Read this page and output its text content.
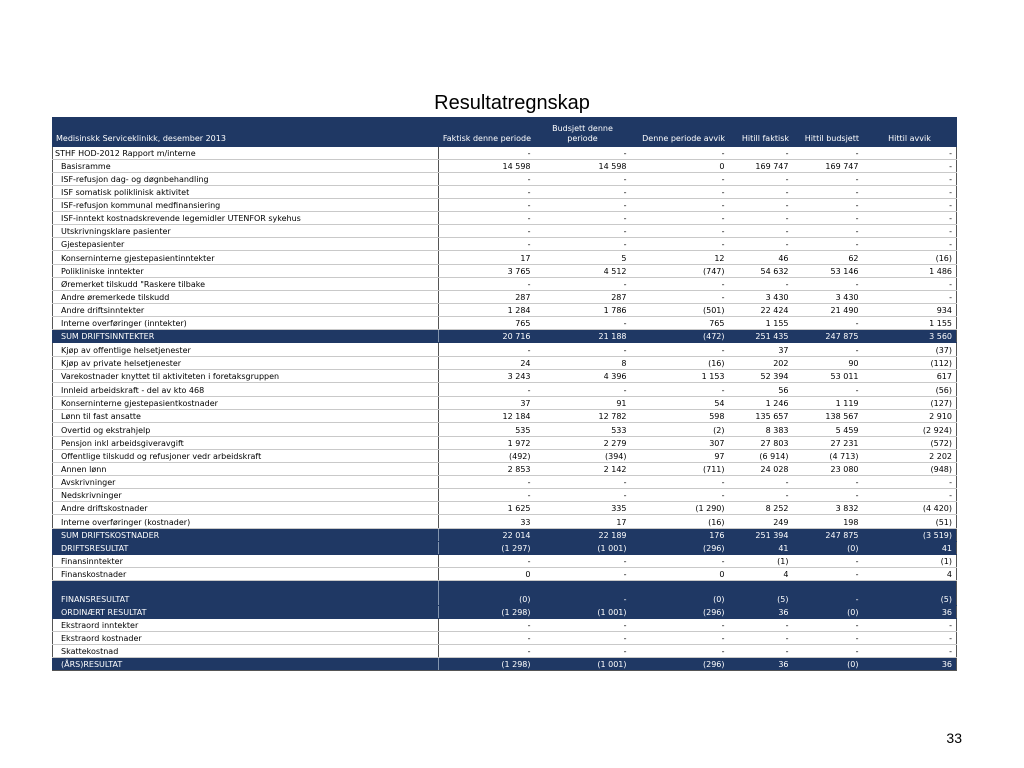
Resultatregnskap
Medisinskk Serviceklinikk, desember 2013	Faktisk denne periode	Budsjett denne periode	Denne periode avvik	Hitill faktisk	Hittil budsjett	Hittil avvik
STHF HOD-2012 Rapport m/interne	-	-	-	-	-	-
Basisramme	14 598	14 598	0	169 747	169 747	-
ISF-refusjon dag- og døgnbehandling	-	-	-	-	-	-
ISF somatisk poliklinisk aktivitet	-	-	-	-	-	-
ISF-refusjon kommunal medfinansiering	-	-	-	-	-	-
ISF-inntekt kostnadskrevende legemidler UTENFOR sykehus	-	-	-	-	-	-
Utskrivningsklare pasienter	-	-	-	-	-	-
Gjestepasienter	-	-	-	-	-	-
Konserninterne gjestepasientinntekter	17	5	12	46	62	(16)
Polikliniske inntekter	3 765	4 512	(747)	54 632	53 146	1 486
Øremerket tilskudd "Raskere tilbake	-	-	-	-	-	-
Andre øremerkede tilskudd	287	287	-	3 430	3 430	-
Andre driftsinntekter	1 284	1 786	(501)	22 424	21 490	934
Interne overføringer (inntekter)	765	-	765	1 155	-	1 155
SUM DRIFTSINNTEKTER	20 716	21 188	(472)	251 435	247 875	3 560
Kjøp av offentlige helsetjenester	-	-	-	37	-	(37)
Kjøp av private helsetjenester	24	8	(16)	202	90	(112)
Varekostnader knyttet til aktiviteten i foretaksgruppen	3 243	4 396	1 153	52 394	53 011	617
Innleid arbeidskraft - del av kto 468	-	-	-	56	-	(56)
Konserninterne gjestepasientkostnader	37	91	54	1 246	1 119	(127)
Lønn til fast ansatte	12 184	12 782	598	135 657	138 567	2 910
Overtid og ekstrahjelp	535	533	(2)	8 383	5 459	(2 924)
Pensjon inkl arbeidsgiveravgift	1 972	2 279	307	27 803	27 231	(572)
Offentlige tilskudd og refusjoner vedr arbeidskraft	(492)	(394)	97	(6 914)	(4 713)	2 202
Annen lønn	2 853	2 142	(711)	24 028	23 080	(948)
Avskrivninger	-	-	-	-	-	-
Nedskrivninger	-	-	-	-	-	-
Andre driftskostnader	1 625	335	(1 290)	8 252	3 832	(4 420)
Interne overføringer (kostnader)	33	17	(16)	249	198	(51)
SUM DRIFTSKOSTNADER	22 014	22 189	176	251 394	247 875	(3 519)
DRIFTSRESULTAT	(1 297)	(1 001)	(296)	41	(0)	41
Finansinntekter	-	-	-	(1)	-	(1)
Finanskostnader	0	-	0	4	-	4
FINANSRESULTAT	(0)	-	(0)	(5)	-	(5)
ORDINÆRT RESULTAT	(1 298)	(1 001)	(296)	36	(0)	36
Ekstraord inntekter	-	-	-	-	-	-
Ekstraord kostnader	-	-	-	-	-	-
Skattekostnad	-	-	-	-	-	-
(ÅRS)RESULTAT	(1 298)	(1 001)	(296)	36	(0)	36
33
